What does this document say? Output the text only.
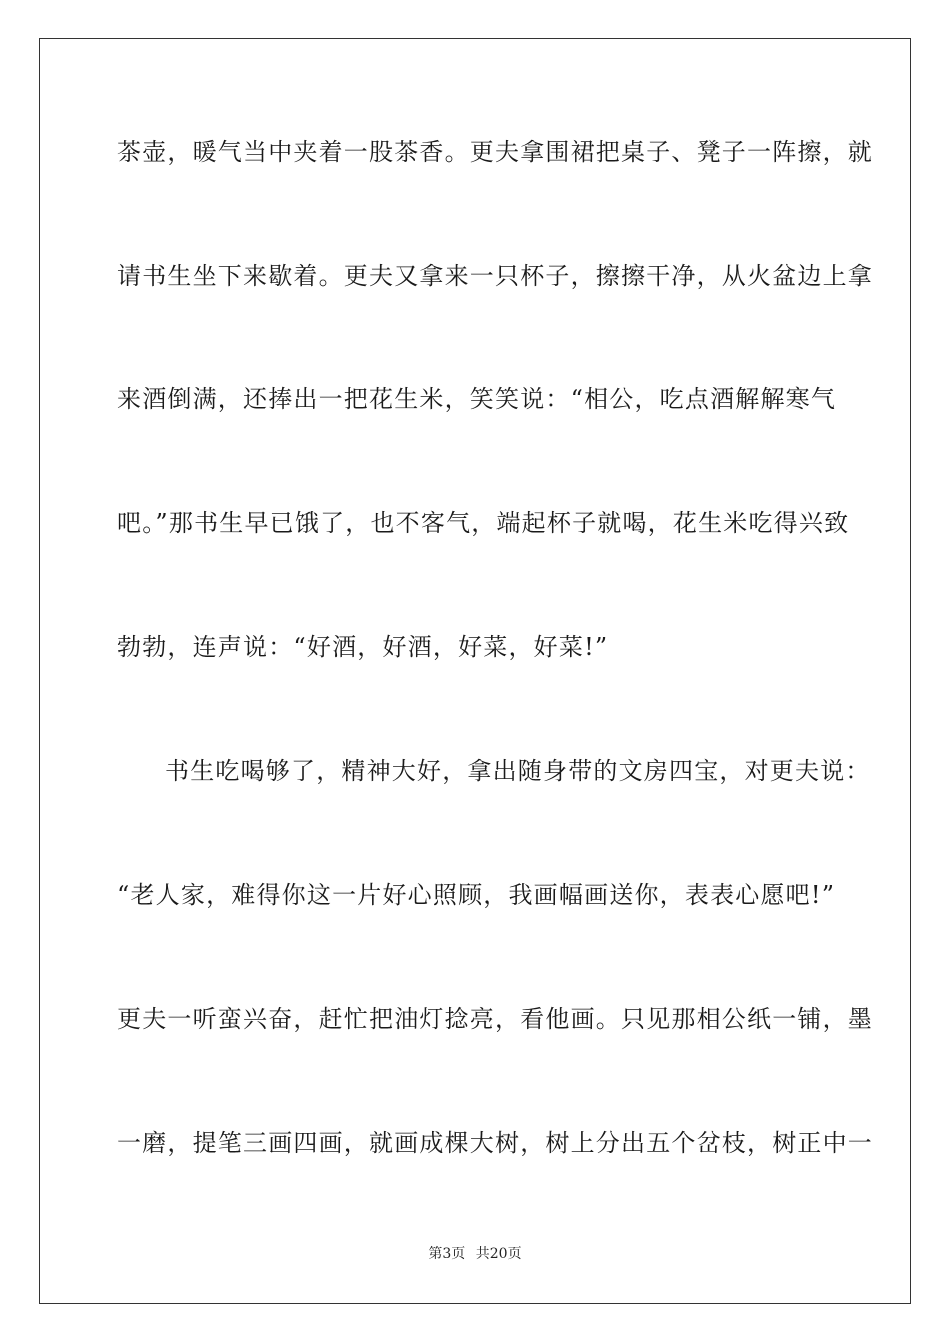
茶壶，暖气当中夹着一股茶香。更夫拿围裙把桌子、凳子一阵擦，就
请书生坐下来歇着。更夫又拿来一只杯子，擦擦干净，从火盆边上拿
来酒倒满，还捧出一把花生米，笑笑说：“相公，吃点酒解解寒气
吧。”那书生早已饿了，也不客气，端起杯子就喝，花生米吃得兴致
勃勃，连声说：“好酒，好酒，好菜，好菜!”
书生吃喝够了，精神大好，拿出随身带的文房四宝，对更夫说：
“老人家，难得你这一片好心照顾，我画幅画送你，表表心愿吧!”
更夫一听蛮兴奋，赶忙把油灯捻亮，看他画。只见那相公纸一铺，墨
一磨，提笔三画四画，就画成棵大树，树上分出五个岔枝，树正中一
第3页 共20页
